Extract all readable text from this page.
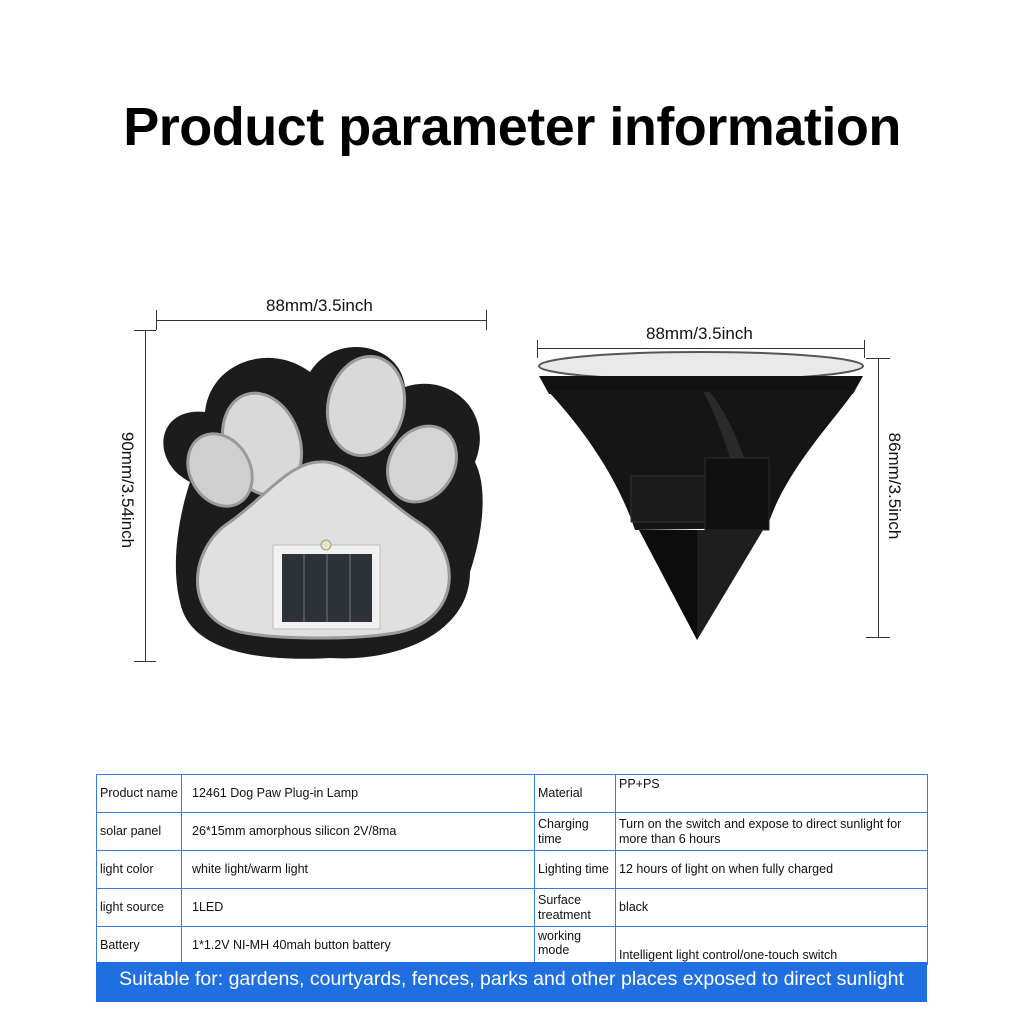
Product parameter information
88mm/3.5inch
90mm/3.54inch
88mm/3.5inch
86mm/3.5inch
Product name	12461 Dog Paw Plug-in Lamp	Material	PP+PS
solar panel	26*15mm amorphous silicon 2V/8ma	Charging time	Turn on the switch and expose to direct sunlight for more than 6 hours
light color	white light/warm light	Lighting time	12 hours of light on when fully charged
light source	1LED	Surface treatment	black
Battery	1*1.2V NI-MH 40mah button battery	working mode	Intelligent light control/one-touch switch
Suitable for: gardens, courtyards, fences, parks and other places exposed to direct sunlight
